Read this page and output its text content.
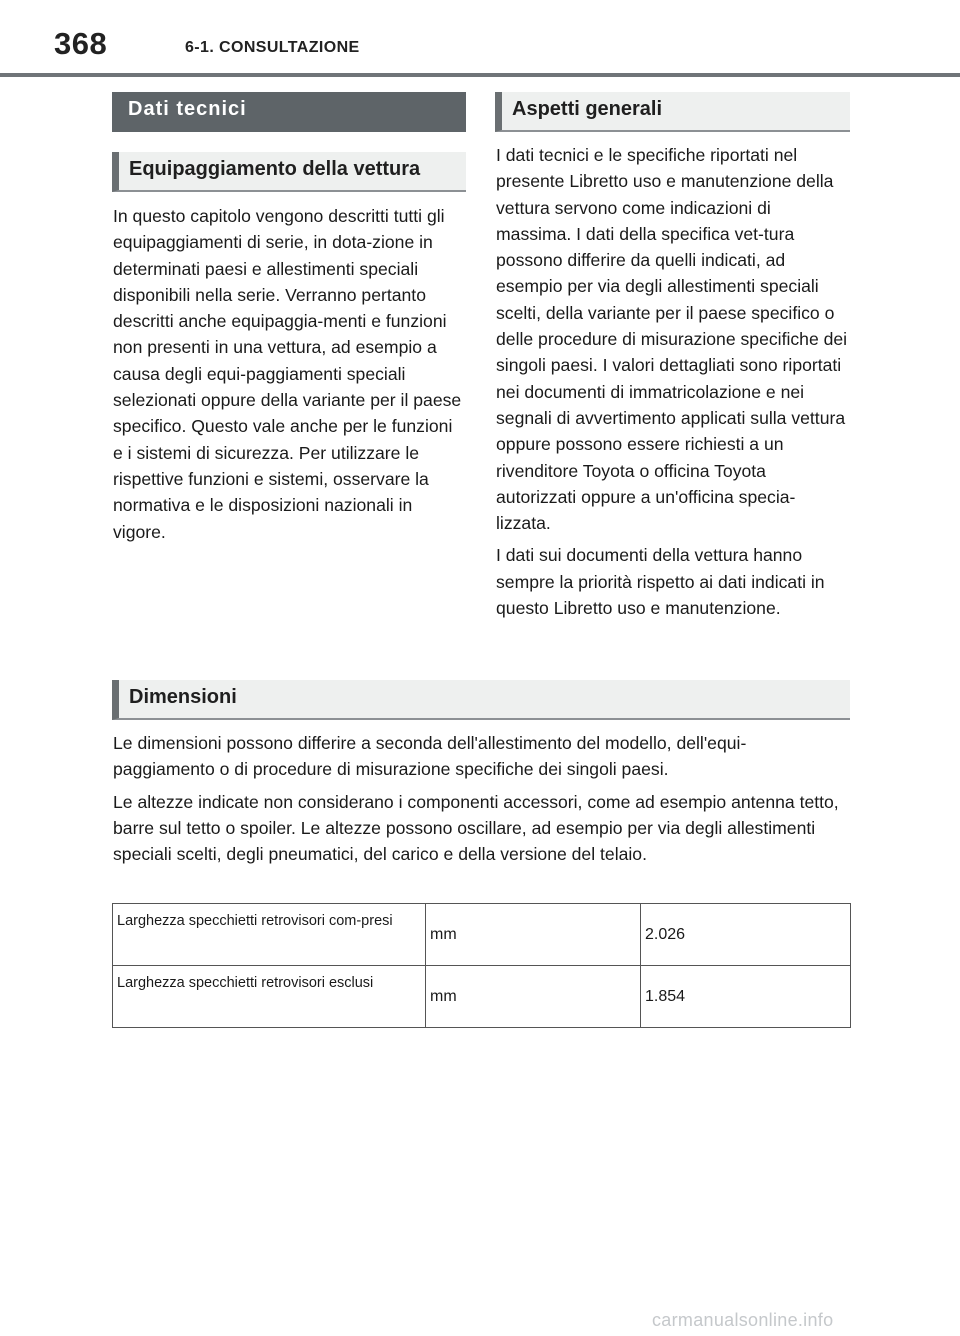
368	6-1. CONSULTAZIONE
Dati tecnici
Equipaggiamento della vettura

In questo capitolo vengono descritti tutti gli equipaggiamenti di serie, in dota-zione in determinati paesi e allestimenti speciali disponibili nella serie. Verranno pertanto descritti anche equipaggia-menti e funzioni non presenti in una vettura, ad esempio a causa degli equi-paggiamenti speciali selezionati oppure della variante per il paese specifico. Questo vale anche per le funzioni e i sistemi di sicurezza. Per utilizzare le rispettive funzioni e sistemi, osservare la normativa e le disposizioni nazionali in vigore.

Aspetti generali

I dati tecnici e le specifiche riportati nel presente Libretto uso e manutenzione della vettura servono come indicazioni di massima. I dati della specifica vet-tura possono differire da quelli indicati, ad esempio per via degli allestimenti speciali scelti, della variante per il paese specifico o delle procedure di misurazione specifiche dei singoli paesi. I valori dettagliati sono riportati nei documenti di immatricolazione e nei segnali di avvertimento applicati sulla vettura oppure possono essere richiesti a un rivenditore Toyota o officina Toyota autorizzati oppure a un'officina specia-lizzata.

I dati sui documenti della vettura hanno sempre la priorità rispetto ai dati indicati in questo Libretto uso e manutenzione.

Dimensioni

Le dimensioni possono differire a seconda dell'allestimento del modello, dell'equi-paggiamento o di procedure di misurazione specifiche dei singoli paesi.

Le altezze indicate non considerano i componenti accessori, come ad esempio antenna tetto, barre sul tetto o spoiler. Le altezze possono oscillare, ad esempio per via degli allestimenti speciali scelti, degli pneumatici, del carico e della versione del telaio.

Larghezza specchietti retrovisori com-presi	mm	2.026
Larghezza specchietti retrovisori esclusi	mm	1.854
carmanualsonline.info
